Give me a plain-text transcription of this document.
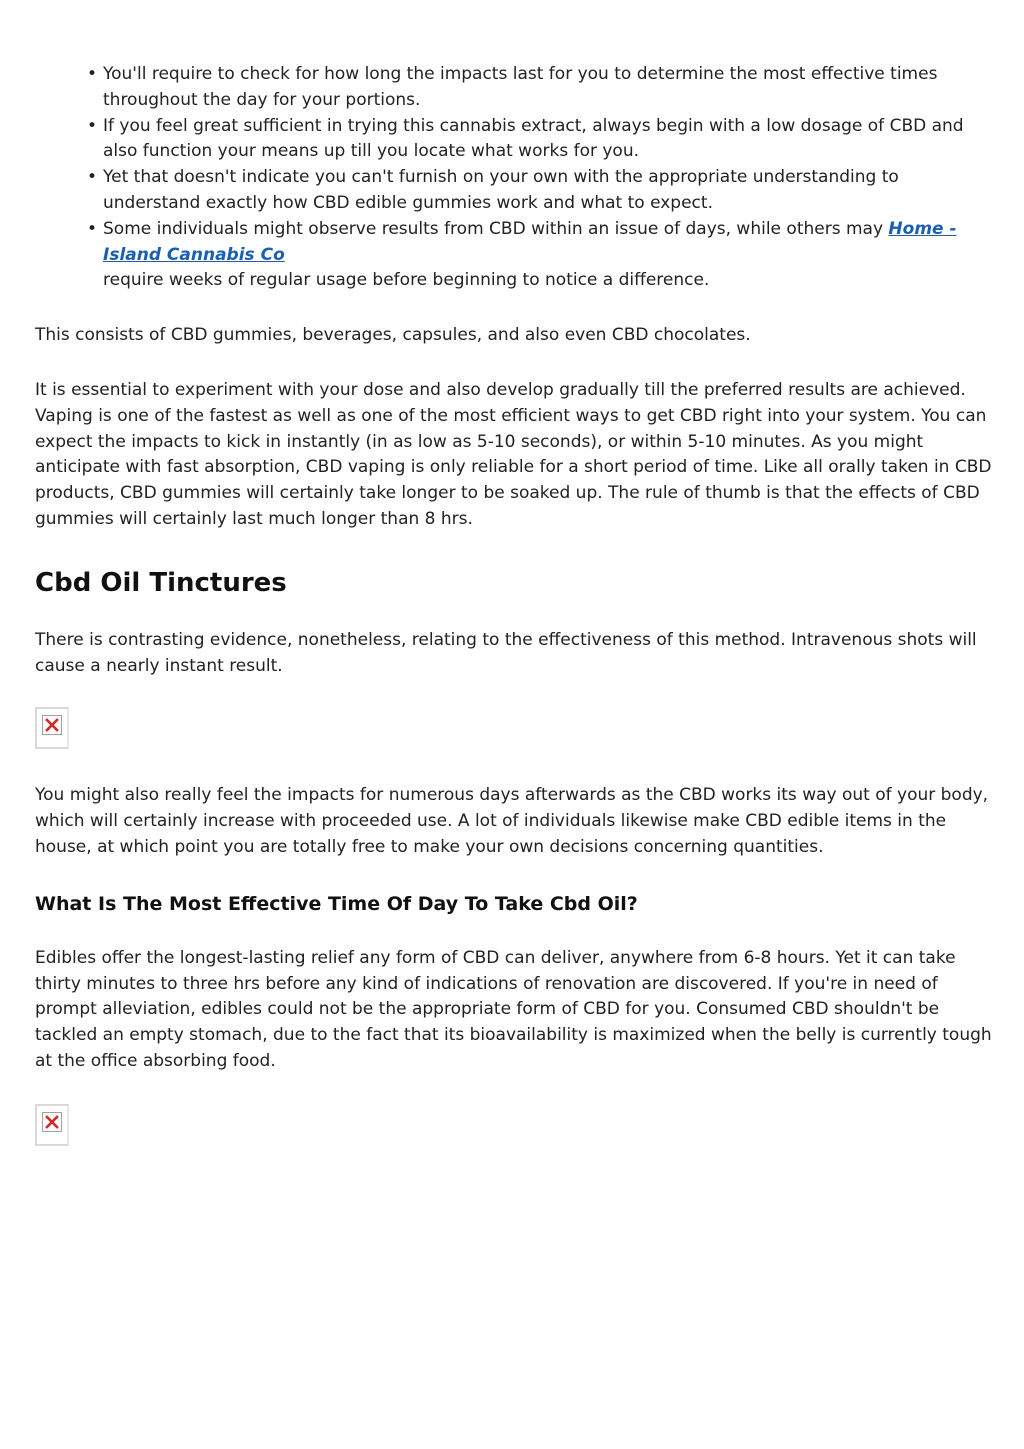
• You'll require to check for how long the impacts last for you to determine the most effective times throughout the day for your portions.
• If you feel great sufficient in trying this cannabis extract, always begin with a low dosage of CBD and also function your means up till you locate what works for you.
• Yet that doesn't indicate you can't furnish on your own with the appropriate understanding to understand exactly how CBD edible gummies work and what to expect.
• Some individuals might observe results from CBD within an issue of days, while others may Home - Island Cannabis Co
require weeks of regular usage before beginning to notice a difference.

This consists of CBD gummies, beverages, capsules, and also even CBD chocolates.

It is essential to experiment with your dose and also develop gradually till the preferred results are achieved. Vaping is one of the fastest as well as one of the most efficient ways to get CBD right into your system. You can expect the impacts to kick in instantly (in as low as 5-10 seconds), or within 5-10 minutes. As you might anticipate with fast absorption, CBD vaping is only reliable for a short period of time. Like all orally taken in CBD products, CBD gummies will certainly take longer to be soaked up. The rule of thumb is that the effects of CBD gummies will certainly last much longer than 8 hrs.

Cbd Oil Tinctures

There is contrasting evidence, nonetheless, relating to the effectiveness of this method. Intravenous shots will cause a nearly instant result.

You might also really feel the impacts for numerous days afterwards as the CBD works its way out of your body, which will certainly increase with proceeded use. A lot of individuals likewise make CBD edible items in the house, at which point you are totally free to make your own decisions concerning quantities.

What Is The Most Effective Time Of Day To Take Cbd Oil?

Edibles offer the longest-lasting relief any form of CBD can deliver, anywhere from 6-8 hours. Yet it can take thirty minutes to three hrs before any kind of indications of renovation are discovered. If you're in need of prompt alleviation, edibles could not be the appropriate form of CBD for you. Consumed CBD shouldn't be tackled an empty stomach, due to the fact that its bioavailability is maximized when the belly is currently tough at the office absorbing food.
